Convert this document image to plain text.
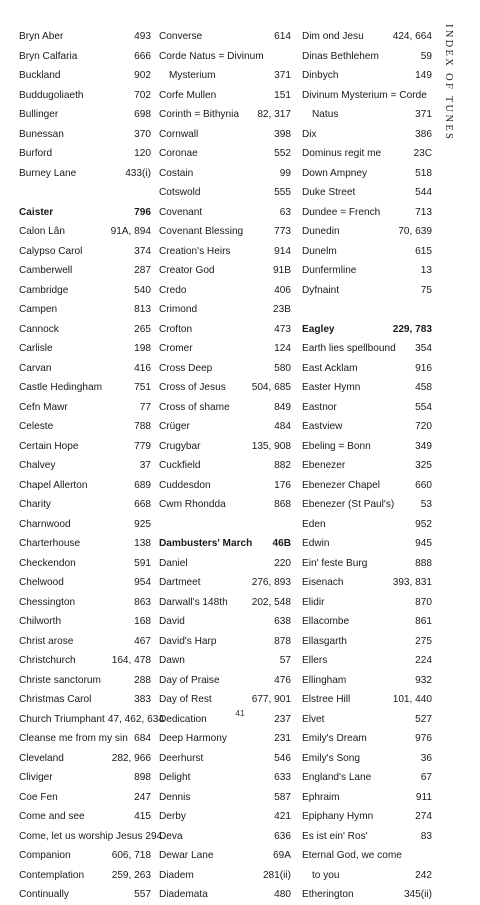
Bryn Aber	493
Bryn Calfaria	666
Buckland	902
Buddugoliaeth	702
Bullinger	698
Bunessan	370
Burford	120
Burney Lane	433(i)
Caister	796
Calon Lân	91A, 894
Calypso Carol	374
Camberwell	287
Cambridge	540
Campen	813
Cannock	265
Carlisle	198
Carvan	416
Castle Hedingham	751
Cefn Mawr	77
Celeste	788
Certain Hope	779
Chalvey	37
Chapel Allerton	689
Charity	668
Charnwood	925
Charterhouse	138
Checkendon	591
Chelwood	954
Chessington	863
Chilworth	168
Christ arose	467
Christchurch	164, 478
Christe sanctorum	288
Christmas Carol	383
Church Triumphant 47, 462, 634
Cleanse me from my sin 684
Cleveland	282, 966
Cliviger	898
Coe Fen	247
Come and see	415
Come, let us worship Jesus 294
Companion	606, 718
Contemplation	259, 263
Continually	557
Converse	614
Corde Natus = Divinum
Mysterium	371
Corfe Mullen	151
Corinth = Bithynia 82, 317
Cornwall	398
Coronae	552
Costain	99
Cotswold	555
Covenant	63
Covenant Blessing	773
Creation's Heirs	914
Creator God	91B
Credo	406
Crimond	23B
Crofton	473
Cromer	124
Cross Deep	580
Cross of Jesus	504, 685
Cross of shame	849
Crüger	484
Crugybar	135, 908
Cuckfield	882
Cuddesdon	176
Cwm Rhondda	868
Dambusters' March 46B
Daniel	220
Dartmeet	276, 893
Darwall's 148th 202, 548
David	638
David's Harp	878
Dawn	57
Day of Praise	476
Day of Rest	677, 901
Dedication	237
Deep Harmony	231
Deerhurst	546
Delight	633
Dennis	587
Derby	421
Deva	636
Dewar Lane	69A
Diadem	281(ii)
Diademata	480
Dim ond Jesu	424, 664
Dinas Bethlehem	59
Dinbych	149
Divinum Mysterium = Corde
Natus	371
Dix	386
Dominus regit me	23C
Down Ampney	518
Duke Street	544
Dundee = French	713
Dunedin	70, 639
Dunelm	615
Dunfermline	13
Dyfnaint	75
Eagley	229, 783
Earth lies spellbound 354
East Acklam	916
Easter Hymn	458
Eastnor	554
Eastview	720
Ebeling = Bonn	349
Ebenezer	325
Ebenezer Chapel	660
Ebenezer (St Paul's)	53
Eden	952
Edwin	945
Ein' feste Burg	888
Eisenach	393, 831
Elidir	870
Ellacombe	861
Ellasgarth	275
Ellers	224
Ellingham	932
Elstree Hill	101, 440
Elvet	527
Emily's Dream	976
Emily's Song	36
England's Lane	67
Ephraim	911
Epiphany Hymn	274
Es ist ein' Ros'	83
Eternal God, we come
to you	242
Etherington	345(ii)
INDEX OF TUNES
41
